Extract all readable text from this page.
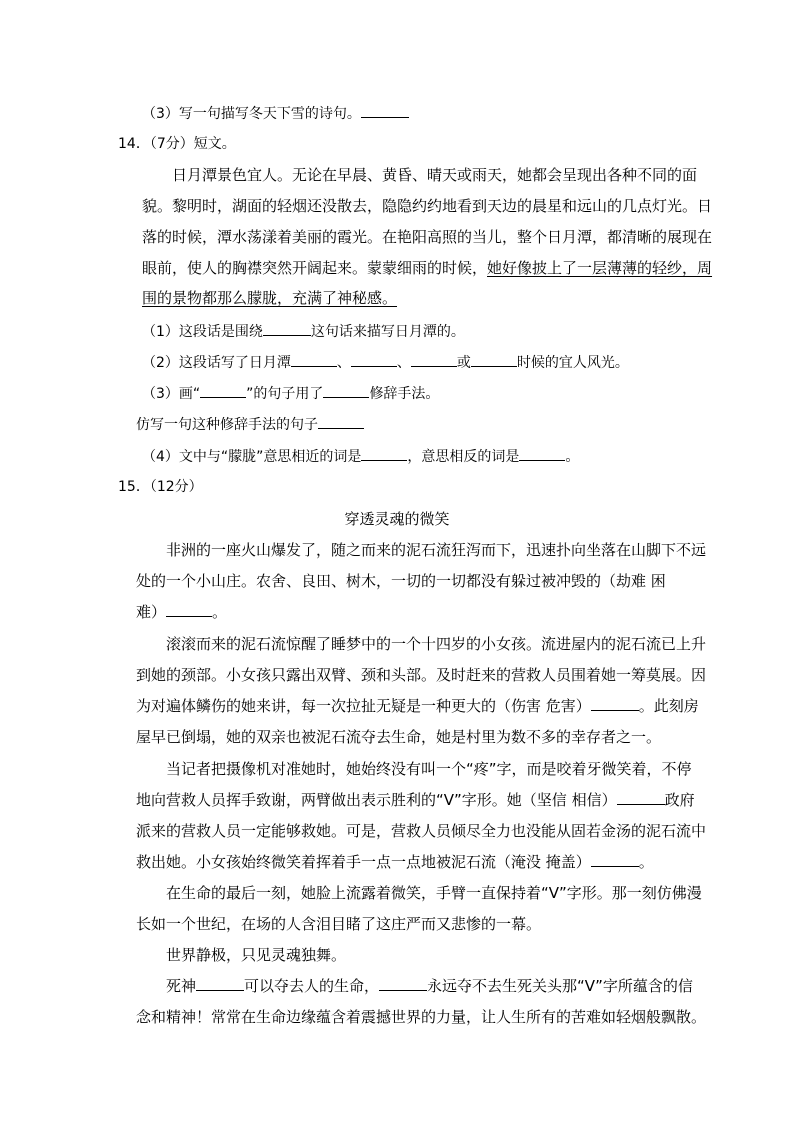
（3）写一句描写冬天下雪的诗句。
14．（7分）短文。
日月潭景色宜人。无论在早晨、黄昏、晴天或雨天，她都会呈现出各种不同的面
貌。黎明时，湖面的轻烟还没散去，隐隐约约地看到天边的晨星和远山的几点灯光。日
落的时候，潭水荡漾着美丽的霞光。在艳阳高照的当儿，整个日月潭，都清晰的展现在
眼前，使人的胸襟突然开阔起来。蒙蒙细雨的时候，她好像披上了一层薄薄的轻纱，周
围的景物都那么朦胧，充满了神秘感。
（1）这段话是围绕	这句话来描写日月潭的。
（2）这段话写了日月潭	、	、	或	时候的宜人风光。
（3）画“	”的句子用了	修辞手法。
仿写一句这种修辞手法的句子
（4）文中与“朦胧”意思相近的词是	，意思相反的词是	。
15．（12分）
穿透灵魂的微笑
非洲的一座火山爆发了，随之而来的泥石流狂泻而下，迅速扑向坐落在山脚下不远
处的一个小山庄。农舍、良田、树木，一切的一切都没有躲过被冲毁的（劫难 困
难）	。
滚滚而来的泥石流惊醒了睡梦中的一个十四岁的小女孩。流进屋内的泥石流已上升
到她的颈部。小女孩只露出双臂、颈和头部。及时赶来的营救人员围着她一筹莫展。因
为对遍体鳞伤的她来讲，每一次拉扯无疑是一种更大的（伤害 危害）	。此刻房
屋早已倒塌，她的双亲也被泥石流夺去生命，她是村里为数不多的幸存者之一。
当记者把摄像机对准她时，她始终没有叫一个“疼”字，而是咬着牙微笑着，不停
地向营救人员挥手致谢，两臂做出表示胜利的“V”字形。她（坚信 相信）	政府
派来的营救人员一定能够救她。可是，营救人员倾尽全力也没能从固若金汤的泥石流中
救出她。小女孩始终微笑着挥着手一点一点地被泥石流（淹没 掩盖）	。
在生命的最后一刻，她脸上流露着微笑，手臂一直保持着“V”字形。那一刻仿佛漫
长如一个世纪，在场的人含泪目睹了这庄严而又悲惨的一幕。
世界静极，只见灵魂独舞。
死神	可以夺去人的生命，	永远夺不去生死关头那“V”字所蕴含的信
念和精神！常常在生命边缘蕴含着震撼世界的力量，让人生所有的苦难如轻烟般飘散。
